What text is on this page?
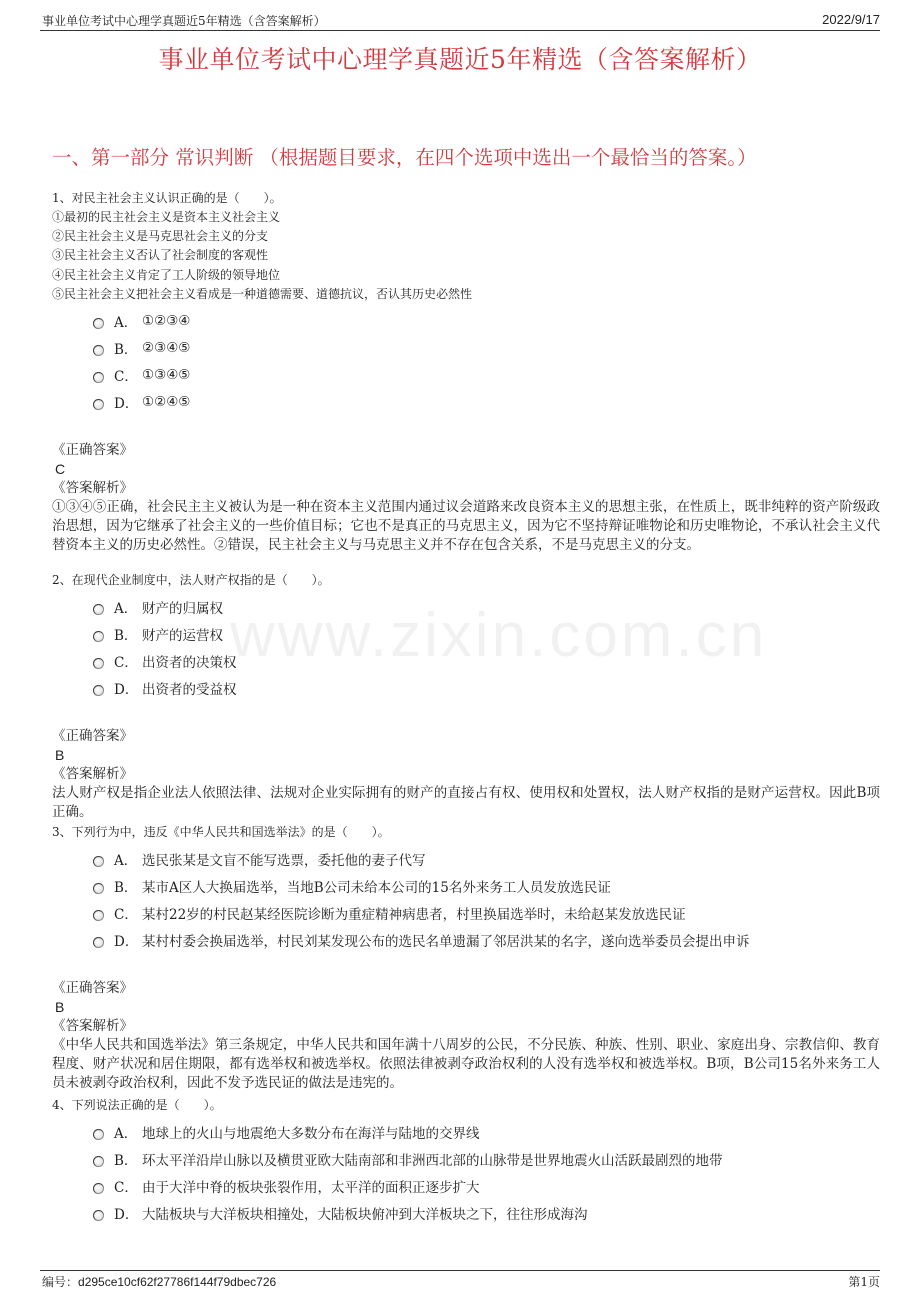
事业单位考试中心理学真题近5年精选（含答案解析）	2022/9/17
事业单位考试中心理学真题近5年精选（含答案解析）
一、第一部分 常识判断 （根据题目要求，在四个选项中选出一个最恰当的答案。）
www.zixin.com.cn
1、对民主社会主义认识正确的是（　　）。
①最初的民主社会主义是资本主义社会主义
②民主社会主义是马克思社会主义的分支
③民主社会主义否认了社会制度的客观性
④民主社会主义肯定了工人阶级的领导地位
⑤民主社会主义把社会主义看成是一种道德需要、道德抗议，否认其历史必然性
A． ①②③④
B． ②③④⑤
C． ①③④⑤
D． ①②④⑤
《正确答案》
C
《答案解析》
①③④⑤正确，社会民主主义被认为是一种在资本主义范围内通过议会道路来改良资本主义的思想主张，在性质上，既非纯粹的资产阶级政治思想，因为它继承了社会主义的一些价值目标；它也不是真正的马克思主义，因为它不坚持辩证唯物论和历史唯物论，不承认社会主义代替资本主义的历史必然性。②错误，民主社会主义与马克思主义并不存在包含关系，不是马克思主义的分支。
2、在现代企业制度中，法人财产权指的是（　　）。
A． 财产的归属权
B． 财产的运营权
C． 出资者的决策权
D． 出资者的受益权
《正确答案》
B
《答案解析》
法人财产权是指企业法人依照法律、法规对企业实际拥有的财产的直接占有权、使用权和处置权，法人财产权指的是财产运营权。因此B项正确。
3、下列行为中，违反《中华人民共和国选举法》的是（　　）。
A． 选民张某是文盲不能写选票，委托他的妻子代写
B． 某市A区人大换届选举，当地B公司未给本公司的15名外来务工人员发放选民证
C． 某村22岁的村民赵某经医院诊断为重症精神病患者，村里换届选举时，未给赵某发放选民证
D． 某村村委会换届选举，村民刘某发现公布的选民名单遗漏了邻居洪某的名字，遂向选举委员会提出申诉
《正确答案》
B
《答案解析》
《中华人民共和国选举法》第三条规定，中华人民共和国年满十八周岁的公民，不分民族、种族、性别、职业、家庭出身、宗教信仰、教育程度、财产状况和居住期限，都有选举权和被选举权。依照法律被剥夺政治权利的人没有选举权和被选举权。B项，B公司15名外来务工人员未被剥夺政治权利，因此不发予选民证的做法是违宪的。
4、下列说法正确的是（　　）。
A． 地球上的火山与地震绝大多数分布在海洋与陆地的交界线
B． 环太平洋沿岸山脉以及横贯亚欧大陆南部和非洲西北部的山脉带是世界地震火山活跃最剧烈的地带
C． 由于大洋中脊的板块张裂作用，太平洋的面积正逐步扩大
D． 大陆板块与大洋板块相撞处，大陆板块俯冲到大洋板块之下，往往形成海沟
编号：d295ce10cf62f27786f144f79dbec726	第1页
